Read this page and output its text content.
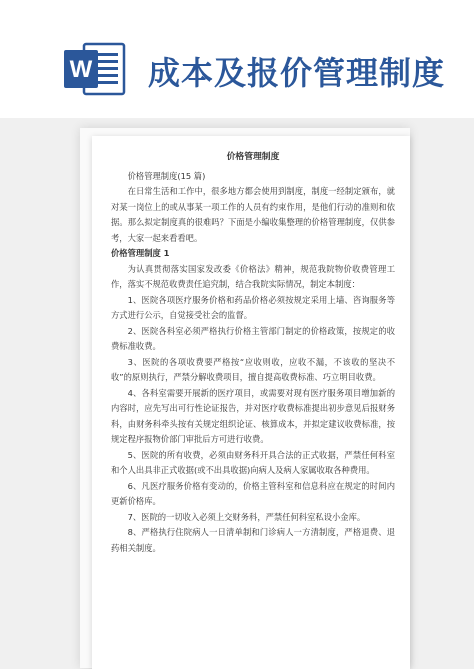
W 成本及报价管理制度

价格管理制度

价格管理制度(15 篇)

在日常生活和工作中，很多地方都会使用到制度，制度一经制定颁布，就对某一岗位上的或从事某一项工作的人员有约束作用，是他们行动的准则和依据。那么拟定制度真的很难吗？下面是小编收集整理的价格管理制度，仅供参考，大家一起来看看吧。

价格管理制度 1

为认真贯彻落实国家发改委《价格法》精神，规范我院物价收费管理工作，落实不规范收费责任追究制，结合我院实际情况，制定本制度：

1、医院各项医疗服务价格和药品价格必须按规定采用上墙、咨询服务等方式进行公示，自觉接受社会的监督。

2、医院各科室必须严格执行价格主管部门制定的价格政策，按规定的收费标准收费。

3、医院的各项收费要严格按“应收则收，应收不漏，不该收的坚决不收”的原则执行，严禁分解收费项目，擅自提高收费标准、巧立明目收费。

4、各科室需要开展新的医疗项目，或需要对现有医疗服务项目增加新的内容时，应先写出可行性论证报告，并对医疗收费标准提出初步意见后报财务科，由财务科牵头按有关规定组织论证、核算成本，并拟定建议收费标准，按规定程序报物价部门审批后方可进行收费。

5、医院的所有收费，必须由财务科开具合法的正式收据，严禁任何科室和个人出具非正式收据(或不出具收据)向病人及病人家属收取各种费用。

6、凡医疗服务价格有变动的，价格主管科室和信息科应在规定的时间内更新价格库。

7、医院的一切收入必须上交财务科，严禁任何科室私设小金库。

8、严格执行住院病人一日清单制和门诊病人一方清制度，严格退费、退药相关制度。
